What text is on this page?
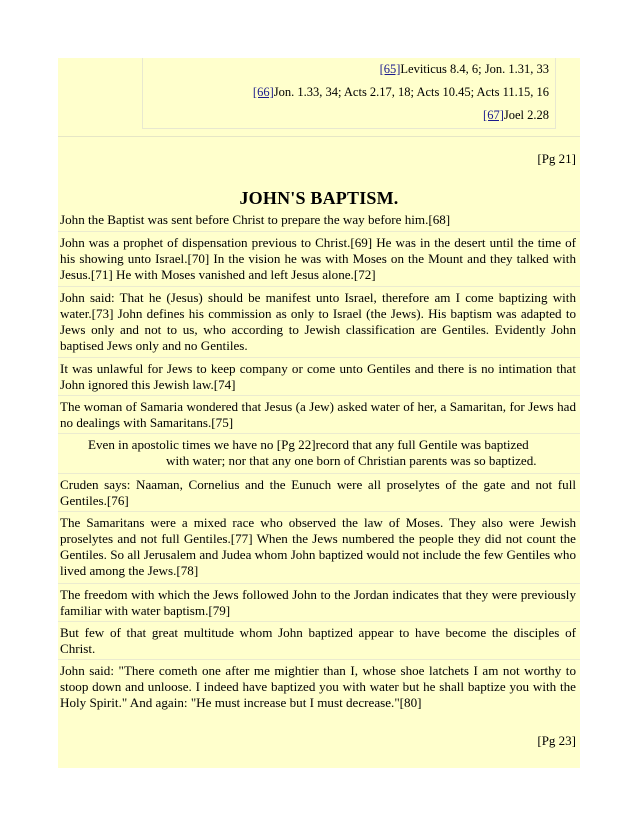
[65]Leviticus 8.4, 6; Jon. 1.31, 33
[66]Jon. 1.33, 34; Acts 2.17, 18; Acts 10.45; Acts 11.15, 16
[67]Joel 2.28
[Pg 21]
JOHN'S BAPTISM.
John the Baptist was sent before Christ to prepare the way before him.[68]
John was a prophet of dispensation previous to Christ.[69] He was in the desert until the time of his showing unto Israel.[70] In the vision he was with Moses on the Mount and they talked with Jesus.[71] He with Moses vanished and left Jesus alone.[72]
John said: That he (Jesus) should be manifest unto Israel, therefore am I come baptizing with water.[73] John defines his commission as only to Israel (the Jews). His baptism was adapted to Jews only and not to us, who according to Jewish classification are Gentiles. Evidently John baptised Jews only and no Gentiles.
It was unlawful for Jews to keep company or come unto Gentiles and there is no intimation that John ignored this Jewish law.[74]
The woman of Samaria wondered that Jesus (a Jew) asked water of her, a Samaritan, for Jews had no dealings with Samaritans.[75]
Even in apostolic times we have no [Pg 22]record that any full Gentile was baptized
with water; nor that any one born of Christian parents was so baptized.
Cruden says: Naaman, Cornelius and the Eunuch were all proselytes of the gate and not full Gentiles.[76]
The Samaritans were a mixed race who observed the law of Moses. They also were Jewish proselytes and not full Gentiles.[77] When the Jews numbered the people they did not count the Gentiles. So all Jerusalem and Judea whom John baptized would not include the few Gentiles who lived among the Jews.[78]
The freedom with which the Jews followed John to the Jordan indicates that they were previously familiar with water baptism.[79]
But few of that great multitude whom John baptized appear to have become the disciples of Christ.
John said: "There cometh one after me mightier than I, whose shoe latchets I am not worthy to stoop down and unloose. I indeed have baptized you with water but he shall baptize you with the Holy Spirit." And again: "He must increase but I must decrease."[80]
[Pg 23]
